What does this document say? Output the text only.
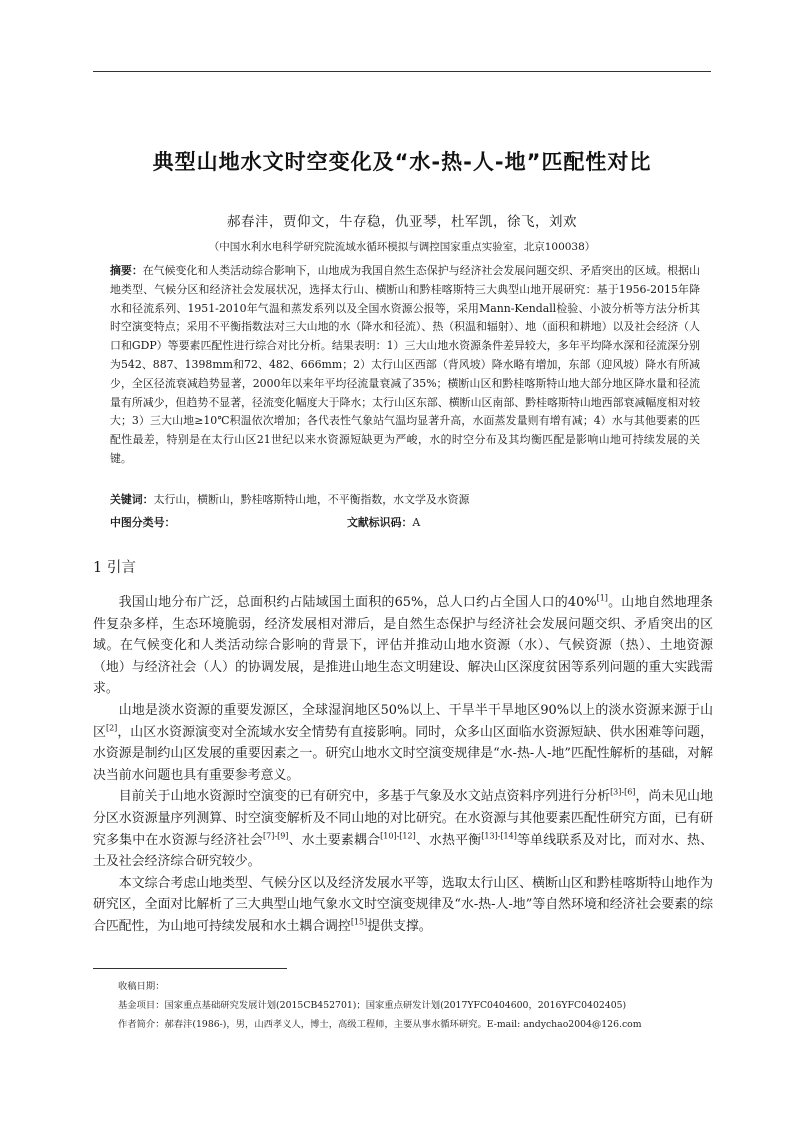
典型山地水文时空变化及“水-热-人-地”匹配性对比
郝春沣，贾仰文，牛存稳，仇亚琴，杜军凯，徐飞，刘欢
（中国水利水电科学研究院流域水循环模拟与调控国家重点实验室，北京100038）
摘要：在气候变化和人类活动综合影响下，山地成为我国自然生态保护与经济社会发展问题交织、矛盾突出的区域。根据山地类型、气候分区和经济社会发展状况，选择太行山、横断山和黔桂喀斯特三大典型山地开展研究：基于1956-2015年降水和径流系列、1951-2010年气温和蒸发系列以及全国水资源公报等，采用Mann-Kendall检验、小波分析等方法分析其时空演变特点；采用不平衡指数法对三大山地的水（降水和径流）、热（积温和辐射）、地（面积和耕地）以及社会经济（人口和GDP）等要素匹配性进行综合对比分析。结果表明：1）三大山地水资源条件差异较大，多年平均降水深和径流深分别为542、887、1398mm和72、482、666mm；2）太行山区西部（背风坡）降水略有增加，东部（迎风坡）降水有所减少，全区径流衰减趋势显著，2000年以来年平均径流量衰减了35%；横断山区和黔桂喀斯特山地大部分地区降水量和径流量有所减少，但趋势不显著，径流变化幅度大于降水；太行山区东部、横断山区南部、黔桂喀斯特山地西部衰减幅度相对较大；3）三大山地≥10℃积温依次增加；各代表性气象站气温均显著升高，水面蒸发量则有增有减；4）水与其他要素的匹配性最差，特别是在太行山区21世纪以来水资源短缺更为严峻，水的时空分布及其均衡匹配是影响山地可持续发展的关键。
关键词：太行山，横断山，黔桂喀斯特山地，不平衡指数，水文学及水资源
中图分类号：	文献标识码：A
1 引言

我国山地分布广泛，总面积约占陆域国土面积的65%，总人口约占全国人口的40%[1]。山地自然地理条件复杂多样，生态环境脆弱，经济发展相对滞后，是自然生态保护与经济社会发展问题交织、矛盾突出的区域。在气候变化和人类活动综合影响的背景下，评估并推动山地水资源（水）、气候资源（热）、土地资源（地）与经济社会（人）的协调发展，是推进山地生态文明建设、解决山区深度贫困等系列问题的重大实践需求。

山地是淡水资源的重要发源区，全球湿润地区50%以上、干旱半干旱地区90%以上的淡水资源来源于山区[2]，山区水资源演变对全流域水安全情势有直接影响。同时，众多山区面临水资源短缺、供水困难等问题，水资源是制约山区发展的重要因素之一。研究山地水文时空演变规律是“水-热-人-地”匹配性解析的基础，对解决当前水问题也具有重要参考意义。

目前关于山地水资源时空演变的已有研究中，多基于气象及水文站点资料序列进行分析[3]-[6]，尚未见山地分区水资源量序列测算、时空演变解析及不同山地的对比研究。在水资源与其他要素匹配性研究方面，已有研究多集中在水资源与经济社会[7]-[9]、水土要素耦合[10]-[12]、水热平衡[13]-[14]等单线联系及对比，而对水、热、土及社会经济综合研究较少。

本文综合考虑山地类型、气候分区以及经济发展水平等，选取太行山区、横断山区和黔桂喀斯特山地作为研究区，全面对比解析了三大典型山地气象水文时空演变规律及“水-热-人-地”等自然环境和经济社会要素的综合匹配性，为山地可持续发展和水土耦合调控[15]提供支撑。

收稿日期：
基金项目：国家重点基础研究发展计划(2015CB452701)；国家重点研发计划(2017YFC0404600，2016YFC0402405)
作者简介：郝春沣(1986-)，男，山西孝义人，博士，高级工程师，主要从事水循环研究。E-mail: andychao2004@126.com
